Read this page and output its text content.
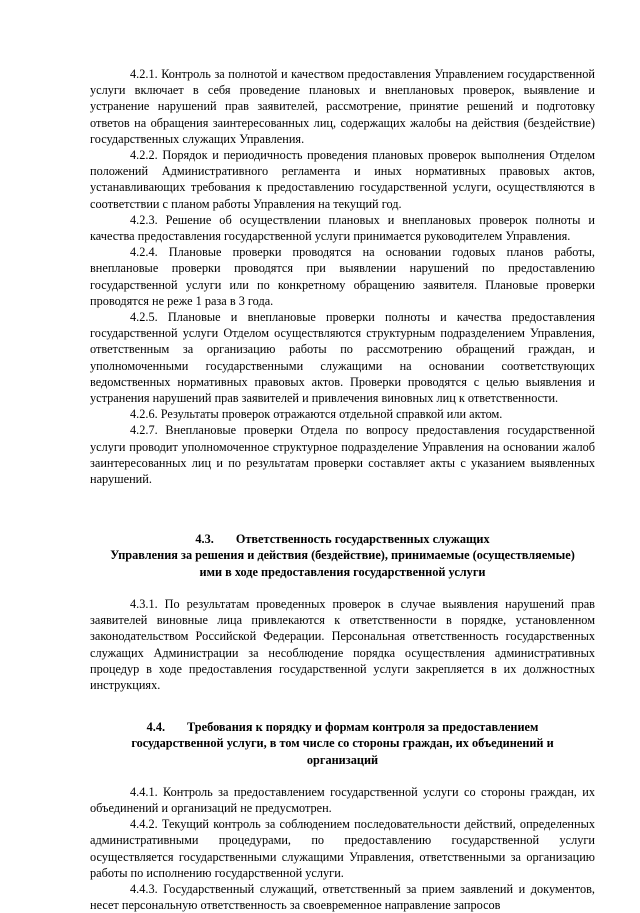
4.2.1. Контроль за полнотой и качеством предоставления Управлением государственной услуги включает в себя проведение плановых и внеплановых проверок, выявление и устранение нарушений прав заявителей, рассмотрение, принятие решений и подготовку ответов на обращения заинтересованных лиц, содержащих жалобы на действия (бездействие) государственных служащих Управления.

4.2.2. Порядок и периодичность проведения плановых проверок выполнения Отделом положений Административного регламента и иных нормативных правовых актов, устанавливающих требования к предоставлению государственной услуги, осуществляются в соответствии с планом работы Управления на текущий год.

4.2.3. Решение об осуществлении плановых и внеплановых проверок полноты и качества предоставления государственной услуги принимается руководителем Управления.

4.2.4. Плановые проверки проводятся на основании годовых планов работы, внеплановые проверки проводятся при выявлении нарушений по предоставлению государственной услуги или по конкретному обращению заявителя. Плановые проверки проводятся не реже 1 раза в 3 года.

4.2.5. Плановые и внеплановые проверки полноты и качества предоставления государственной услуги Отделом осуществляются структурным подразделением Управления, ответственным за организацию работы по рассмотрению обращений граждан, и уполномоченными государственными служащими на основании соответствующих ведомственных нормативных правовых актов. Проверки проводятся с целью выявления и устранения нарушений прав заявителей и привлечения виновных лиц к ответственности.

4.2.6. Результаты проверок отражаются отдельной справкой или актом.

4.2.7. Внеплановые проверки Отдела по вопросу предоставления государственной услуги проводит уполномоченное структурное подразделение Управления на основании жалоб заинтересованных лиц и по результатам проверки составляет акты с указанием выявленных нарушений.

4.3. Ответственность государственных служащих
Управления за решения и действия (бездействие), принимаемые (осуществляемые)
ими в ходе предоставления государственной услуги

4.3.1. По результатам проведенных проверок в случае выявления нарушений прав заявителей виновные лица привлекаются к ответственности в порядке, установленном законодательством Российской Федерации. Персональная ответственность государственных служащих Администрации за несоблюдение порядка осуществления административных процедур в ходе предоставления государственной услуги закрепляется в их должностных инструкциях.

4.4. Требования к порядку и формам контроля за предоставлением
государственной услуги, в том числе со стороны граждан, их объединений и
организаций

4.4.1. Контроль за предоставлением государственной услуги со стороны граждан, их объединений и организаций не предусмотрен.

4.4.2. Текущий контроль за соблюдением последовательности действий, определенных административными процедурами, по предоставлению государственной услуги осуществляется государственными служащими Управления, ответственными за организацию работы по исполнению государственной услуги.

4.4.3. Государственный служащий, ответственный за прием заявлений и документов, несет персональную ответственность за своевременное направление запросов
